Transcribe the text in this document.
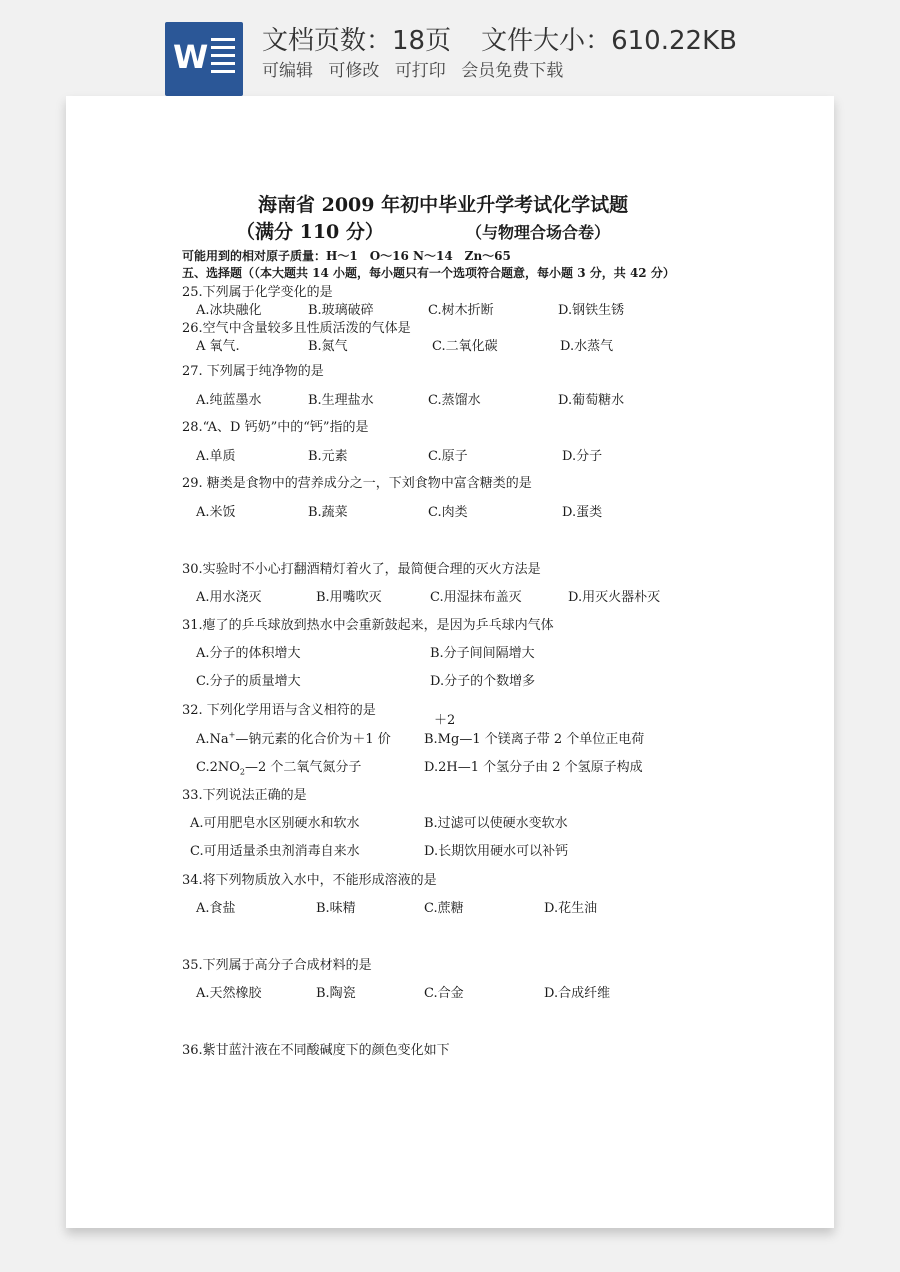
W 文档页数：18页 文件大小：610.22KB
可编辑 可修改 可打印 会员免费下载
海南省 2009 年初中毕业升学考试化学试题
（满分 110 分）	（与物理合场合卷）
可能用到的相对原子质量：H～1　O～16 N～14　Zn～65
五、选择题（（本大题共 14 小题，每小题只有一个选项符合题意，每小题 3 分，共 42 分）
25.下列属于化学变化的是
A.冰块融化	B.玻璃破碎	C.树木折断	D.钢铁生锈
26.空气中含量较多且性质活泼的气体是
A 氧气.	B.氮气	C.二氧化碳	D.水蒸气
27. 下列属于纯净物的是
A.纯蓝墨水	B.生理盐水	C.蒸馏水	D.葡萄糖水
28.“A、D 钙奶”中的“钙”指的是
A.单质	B.元素	C.原子	D.分子
29. 糖类是食物中的营养成分之一，下刘食物中富含糖类的是
A.米饭	B.蔬菜	C.肉类	D.蛋类
30.实验时不小心打翻酒精灯着火了，最简便合理的灭火方法是
A.用水浇灭	B.用嘴吹灭	C.用湿抹布盖灭	D.用灭火器朴灭
31.瘪了的乒乓球放到热水中会重新鼓起来，是因为乒乓球内气体
A.分子的体积增大	B.分子间间隔增大
C.分子的质量增大	D.分子的个数增多
32. 下列化学用语与含义相符的是
＋2
A.Na+—钠元素的化合价为＋1 价	B.Mg—1 个镁离子带 2 个单位正电荷
$C.2NO_2—2$ 个二氧气氮分子	D.2H—1 个氢分子由 2 个氢原子构成
33.下列说法正确的是
A.可用肥皂水区别硬水和软水	B.过滤可以使硬水变软水
C.可用适量杀虫剂消毒自来水	D.长期饮用硬水可以补钙
34.将下列物质放入水中，不能形成溶液的是
A.食盐	B.味精	C.蔗糖	D.花生油
35.下列属于高分子合成材料的是
A.天然橡胶	B.陶瓷	C.合金	D.合成纤维
36.紫甘蓝汁液在不同酸碱度下的颜色变化如下
